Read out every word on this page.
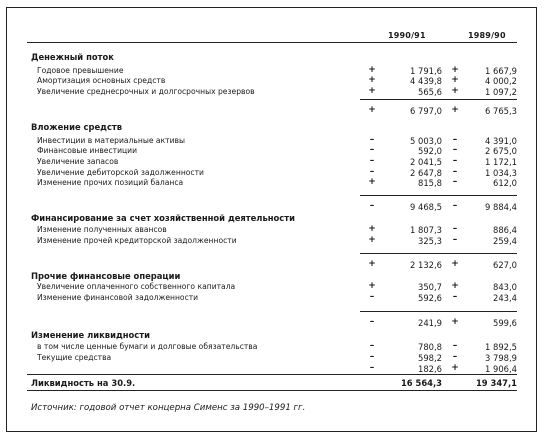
1990/91	1989/90
Денежный поток
Годовое превышение	+	1 791,6 +	1 667,9
Амортизация основных средств	+	4 439,8 +	4 000,2
Увеличение среднесрочных и долгосрочных резервов	+	565,6 +	1 097,2
+	6 797,0 +	6 765,3
Вложение средств
Инвестиции в материальные активы	–	5 003,0	–	4 391,0
Финансовые инвестиции	–	592,0	–	2 675,0
Увеличение запасов	–	2 041,5	–	1 172,1
Увеличение дебиторской задолженности	–	2 647,8	–	1 034,3
Изменение прочих позиций баланса	+	815,8	–	612,0
–	9 468,5	–	9 884,4
Финансирование за счет хозяйственной деятельности
Изменение полученных авансов	+	1 807,3	–	886,4
Изменение прочей кредиторской задолженности	+	325,3	–	259,4
+	2 132,6 +	627,0
Прочие финансовые операции
Увеличение оплаченного собственного капитала	+	350,7 +	843,0
Изменение финансовой задолженности	–	592,6	–	243,4
–	241,9 +	599,6
Изменение ликвидности
в том числе ценные бумаги и долговые обязательства	–	780,8	–	1 892,5
Текущие средства	–	598,2	–	3 798,9
–	182,6 +	1 906,4
Ликвидность на 30.9.	16 564,3	19 347,1
Источник: годовой отчет концерна Сименс за 1990–1991 гг.
